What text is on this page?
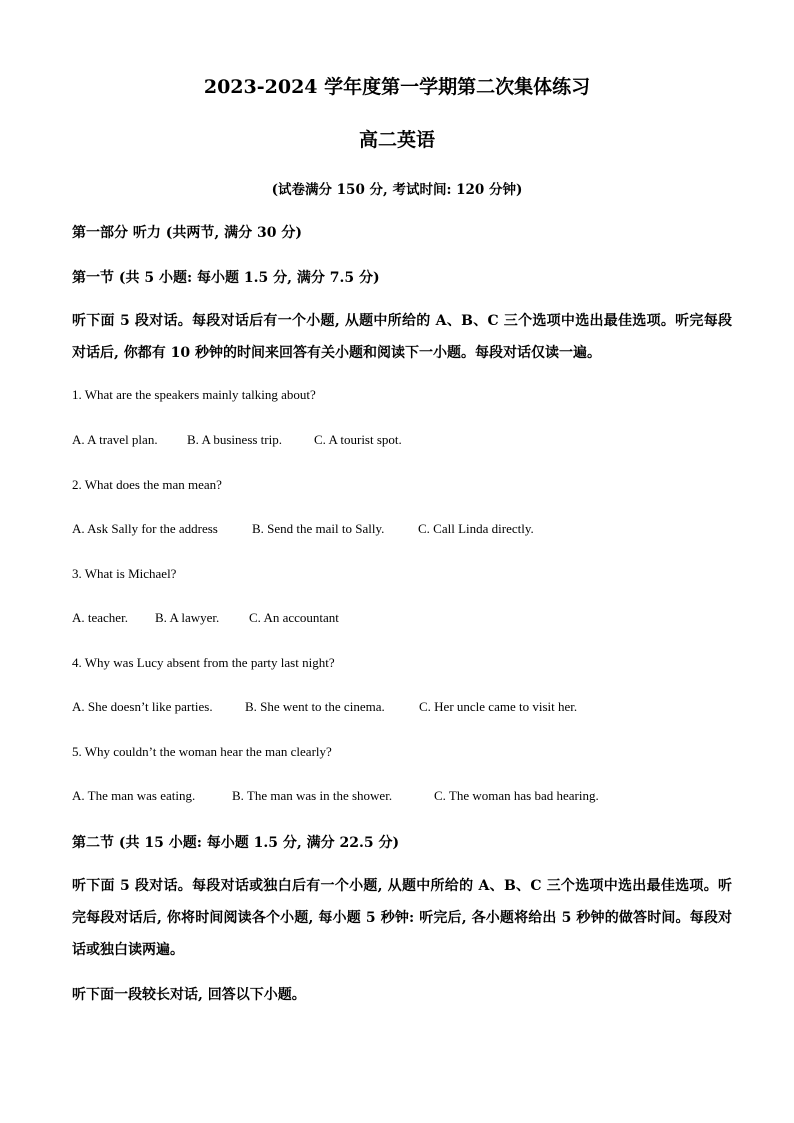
2023-2024 学年度第一学期第二次集体练习
高二英语
(试卷满分 150 分, 考试时间: 120 分钟)
第一部分 听力 (共两节, 满分 30 分)
第一节 (共 5 小题: 每小题 1.5 分, 满分 7.5 分)
听下面 5 段对话。每段对话后有一个小题, 从题中所给的 A、B、C 三个选项中选出最佳选项。听完每段对话后, 你都有 10 秒钟的时间来回答有关小题和阅读下一小题。每段对话仅读一遍。
1. What are the speakers mainly talking about?
A. A travel plan.	B. A business trip.	C. A tourist spot.
2. What does the man mean?
A. Ask Sally for the address	B. Send the mail to Sally.	C. Call Linda directly.
3. What is Michael?
A. teacher.	B. A lawyer.	C. An accountant
4. Why was Lucy absent from the party last night?
A. She doesn’t like parties.	B. She went to the cinema.	C. Her uncle came to visit her.
5. Why couldn’t the woman hear the man clearly?
A. The man was eating.	B. The man was in the shower.	C. The woman has bad hearing.
第二节 (共 15 小题: 每小题 1.5 分, 满分 22.5 分)
听下面 5 段对话。每段对话或独白后有一个小题, 从题中所给的 A、B、C 三个选项中选出最佳选项。听完每段对话后, 你将时间阅读各个小题, 每小题 5 秒钟: 听完后, 各小题将给出 5 秒钟的做答时间。每段对话或独白读两遍。
听下面一段较长对话, 回答以下小题。
